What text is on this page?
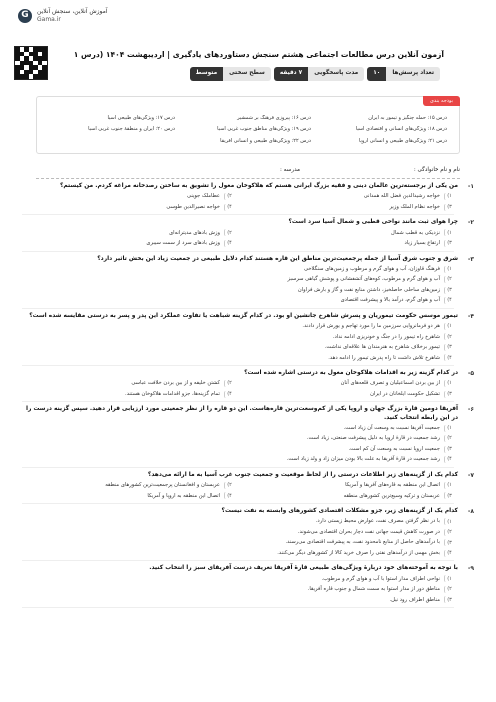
G	آموزش آنلاین، سنجش آنلاین
Gama.ir
آزمون آنلاین درس مطالعات اجتماعی هشتم سنجش دستاوردهای یادگیری | اردیبهشت ۱۴۰۴ (درس ۱
تعداد پرسش‌ها
۱۰
مدت پاسخگویی
۷ دقیقه
سطح سختی
متوسط
بودجه بندی
درس ۱۵: حمله چنگیز و تیمور به ایران
درس ۱۶: پیروزی فرهنگ بر شمشیر
درس ۱۷: ویژگی‌های طبیعی آسیا
درس ۱۸: ویژگی‌های انسانی و اقتصادی آسیا
درس ۱۹: ویژگی‌های مناطق جنوب غربی آسیا
درس ۲۰: ایران و منطقهٔ جنوب غربی آسیا
درس ۲۱: ویژگی‌های طبیعی و انسانی اروپا
درس ۲۲: ویژگی‌های طبیعی و انسانی آفریقا
نام و نام خانوادگی :
مدرسه :
۱-
من یکی از برجسته‌ترین عالمان دینی و فقیه بزرگ ایرانی هستم که هلاکوخان مغول را تشویق به ساختن رصدخانه مراغه کردم. من کیستم؟
۱)
خواجه رشیدالدین فضل الله همدانی
۲)
عطاملک جوینی
۳)
خواجه نظام الملک وزیر
۴)
خواجه نصیرالدین طوسی
۲-
چرا هوای ثبت مانند نواحی قطبی و شمال آسیا سرد است؟
۱)
نزدیکی به قطب شمال
۲)
وزش بادهای مدیترانه‌ای
۳)
ارتفاع بسیار زیاد
۴)
وزش بادهای سرد از سمت سیبری
۳-
شرق و جنوب شرق آسیا از جمله پرجمعیت‌ترین مناطق این قاره هستند کدام دلایل طبیعی در جمعیت زیاد این بخش تاثیر دارد؟
۱)
فرهنگ قاوزان، آب و هوای گرم و مرطوب و زمین‌های سنگلاخی
۲)
آب و هوای گرم و مرطوب، کوه‌های آتشفشانی و پوشش گیاهی سرسبز
۳)
زمین‌های ساحلی حاصلخیز، داشتن منابع نفت و گاز و بارش فراوان
۴)
آب و هوای گرم، درآمد بالا و پیشرفت اقتصادی
۴-
تیمور موسس حکومت تیموریان و پسرش شاهرخ جانشین او بود. در کدام گزینه شباهت یا تفاوت عملکرد این پدر و پسر به درستی مقایسه شده است؟
۱)
هر دو فرمانروایی سرزمین ما را مورد تهاجم و یورش قرار دادند.
۲)
شاهرخ راه تیمور را در جنگ و خونریزی ادامه نداد.
۳)
تیمور برخلاف شاهرخ به هنرمندان ها علاقه‌ای نداشت.
۴)
شاهرخ تلاش داشت تا راه پدرش تیمور را ادامه دهد.
۵-
در کدام گزینه زیر به اقدامات هلاکوخان مغول به درستی اشاره شده است؟
۱)
از بین بردن اسماعیلیان و تصرف قلعه‌های آنان
۲)
کشتن خلیفه و از بین بردن خلافت عباسی
۳)
تشکیل حکومت ایلخانان در ایران
۴)
تمام گزینه‌ها، جزو اقدامات هلاکوخان هستند.
۶-
آفریقا دومین قارهٔ بزرگ جهان و اروپا یکی از کم‌وسعت‌ترین قاره‌هاست. این دو قاره را از نظر جمعیتی مورد ارزیابی قرار دهید. سپس گزینه درست را در این رابطه انتخاب کنید.
۱)
جمعیت آفریقا نسبت به وسعت آن زیاد است.
۲)
رشد جمعیت در قارهٔ اروپا به دلیل پیشرفت صنعتی، زیاد است.
۳)
جمعیت اروپا نسبت به وسعت آن کم است.
۴)
رشد جمعیت در قارهٔ آفریقا به علت بالا بودن میزان زاد و ولد زیاد است.
۷-
کدام یک از گزینه‌های زیر اطلاعات درستی را از لحاظ موقعیت و جمعیت جنوب غرب آسیا به ما ارائه می‌دهد؟
۱)
اتصال این منطقه به قاره‌های آفریقا و آمریکا
۲)
عربستان و افغانستان پرجمعیت‌ترین کشورهای منطقه
۳)
عربستان و ترکیه وسیع‌ترین کشورهای منطقه
۴)
اتصال این منطقه به اروپا و آمریکا
۸-
کدام یک از گزینه‌های زیر، جزو مشکلات اقتصادی کشورهای وابسته به نفت نیست؟
۱)
با در نظر گرفتن مصرف نفت، عوارض محیط زیستی دارد.
۲)
در صورت کاهش قیمت جهانی نفت دچار بحران اقتصادی می‌شوند.
۳)
با درآمدهای حاصل از منابع نامحدود نفت، به پیشرفت اقتصادی می‌رسند.
۴)
بخش مهمی از درآمدهای نفتی را صرف خرید کالا از کشورهای دیگر می‌کنند.
۹-
با توجه به آموخته‌های خود دربارهٔ ویژگی‌های طبیعی قارهٔ آفریقا تعریف درست آفریقای سبز را انتخاب کنید.
۱)
نواحی اطراف مدار استوا با آب و هوای گرم و مرطوب.
۲)
مناطق دور از مدار استوا به سمت شمال و جنوب قاره آفریقا.
۳)
مناطق اطراف رود نیل.
